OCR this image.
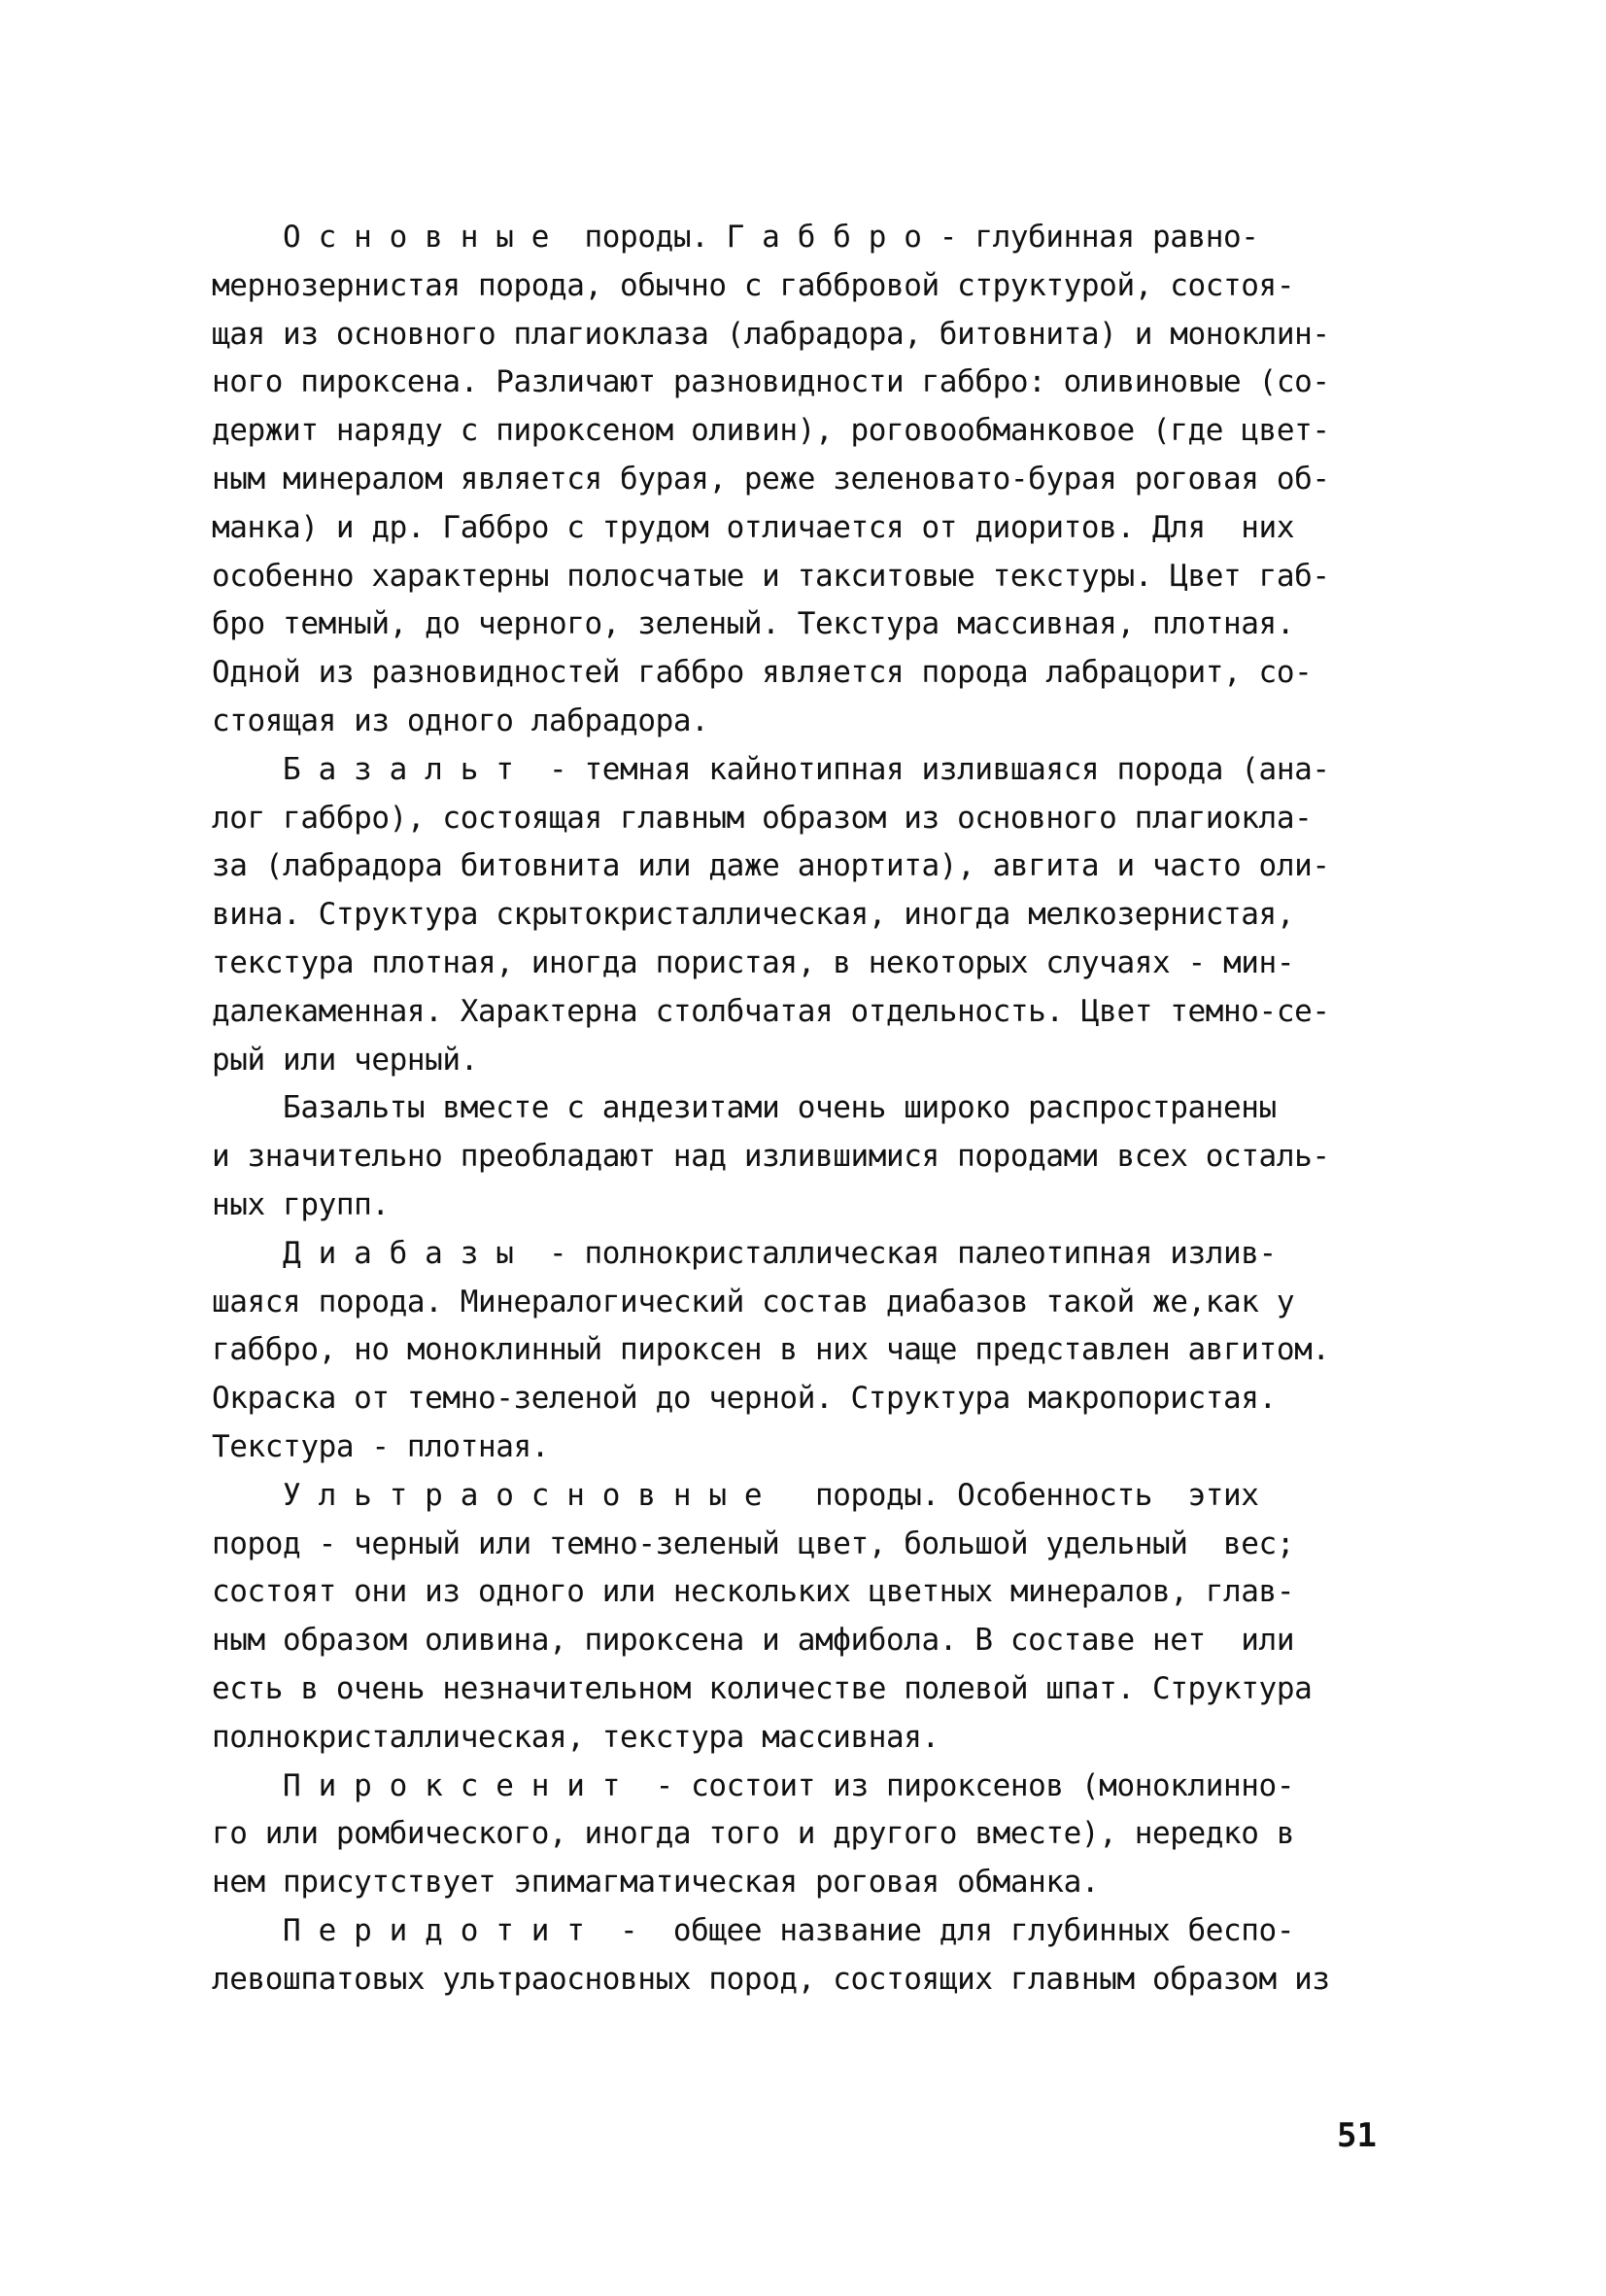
О с н о в н ы е  породы. Г а б б р о - глубинная равно-
мернозернистая порода, обычно с габбровой структурой, состоя-
щая из основного плагиоклаза (лабрадора, битовнита) и моноклин-
ного пироксена. Различают разновидности габбро: оливиновые (со-
держит наряду с пироксеном оливин), роговообманковое (где цвет-
ным минералом является бурая, реже зеленовато-бурая роговая об-
манка) и др. Габбро с трудом отличается от диоритов. Для  них
особенно характерны полосчатые и такситовые текстуры. Цвет габ-
бро темный, до черного, зеленый. Текстура массивная, плотная.
Одной из разновидностей габбро является порода лабрацорит, со-
стоящая из одного лабрадора.
Б а з а л ь т  - темная кайнотипная излившаяся порода (ана-
лог габбро), состоящая главным образом из основного плагиокла-
за (лабрадора битовнита или даже анортита), авгита и часто оли-
вина. Структура скрытокристаллическая, иногда мелкозернистая,
текстура плотная, иногда пористая, в некоторых случаях - мин-
далекаменная. Характерна столбчатая отдельность. Цвет темно-се-
рый или черный.
Базальты вместе с андезитами очень широко распространены
и значительно преобладают над излившимися породами всех осталь-
ных групп.
Д и а б а з ы  - полнокристаллическая палеотипная излив-
шаяся порода. Минералогический состав диабазов такой же,как у
габбро, но моноклинный пироксен в них чаще представлен авгитом.
Окраска от темно-зеленой до черной. Структура макропористая.
Текстура - плотная.
У л ь т р а о с н о в н ы е   породы. Особенность  этих
пород - черный или темно-зеленый цвет, большой удельный  вес;
состоят они из одного или нескольких цветных минералов, глав-
ным образом оливина, пироксена и амфибола. В составе нет  или
есть в очень незначительном количестве полевой шпат. Структура
полнокристаллическая, текстура массивная.
П и р о к с е н и т  - состоит из пироксенов (моноклинно-
го или ромбического, иногда того и другого вместе), нередко в
нем присутствует эпимагматическая роговая обманка.
П е р и д о т и т  -  общее название для глубинных беспо-
левошпатовых ультраосновных пород, состоящих главным образом из
51
